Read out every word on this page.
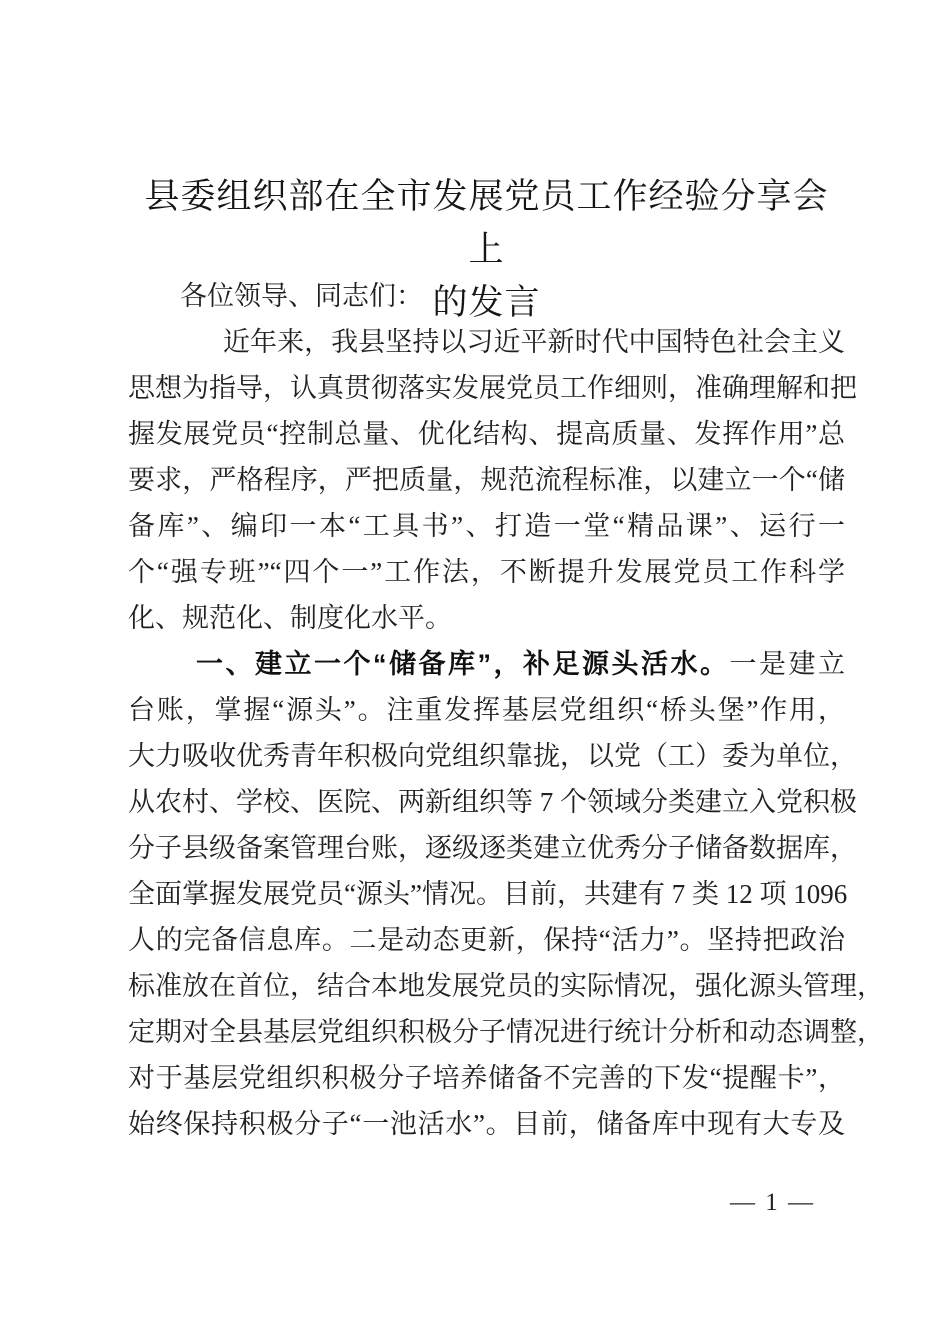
县委组织部在全市发展党员工作经验分享会上
的发言
各位领导、同志们：
近年来，我县坚持以习近平新时代中国特色社会主义
思想为指导，认真贯彻落实发展党员工作细则，准确理解和把
握发展党员“控制总量、优化结构、提高质量、发挥作用”总
要求，严格程序，严把质量，规范流程标准，以建立一个“储
备库”、编印一本“工具书”、打造一堂“精品课”、运行一
个“强专班”“四个一”工作法，不断提升发展党员工作科学
化、规范化、制度化水平。
一、建立一个“储备库”，补足源头活水。一是建立
台账，掌握“源头”。注重发挥基层党组织“桥头堡”作用，
大力吸收优秀青年积极向党组织靠拢，以党（工）委为单位，
从农村、学校、医院、两新组织等 7 个领域分类建立入党积极
分子县级备案管理台账，逐级逐类建立优秀分子储备数据库，
全面掌握发展党员“源头”情况。目前，共建有 7 类 12 项 1096
人的完备信息库。二是动态更新，保持“活力”。坚持把政治
标准放在首位，结合本地发展党员的实际情况，强化源头管理，
定期对全县基层党组织积极分子情况进行统计分析和动态调整，
对于基层党组织积极分子培养储备不完善的下发“提醒卡”，
始终保持积极分子“一池活水”。目前，储备库中现有大专及
— 1 —
